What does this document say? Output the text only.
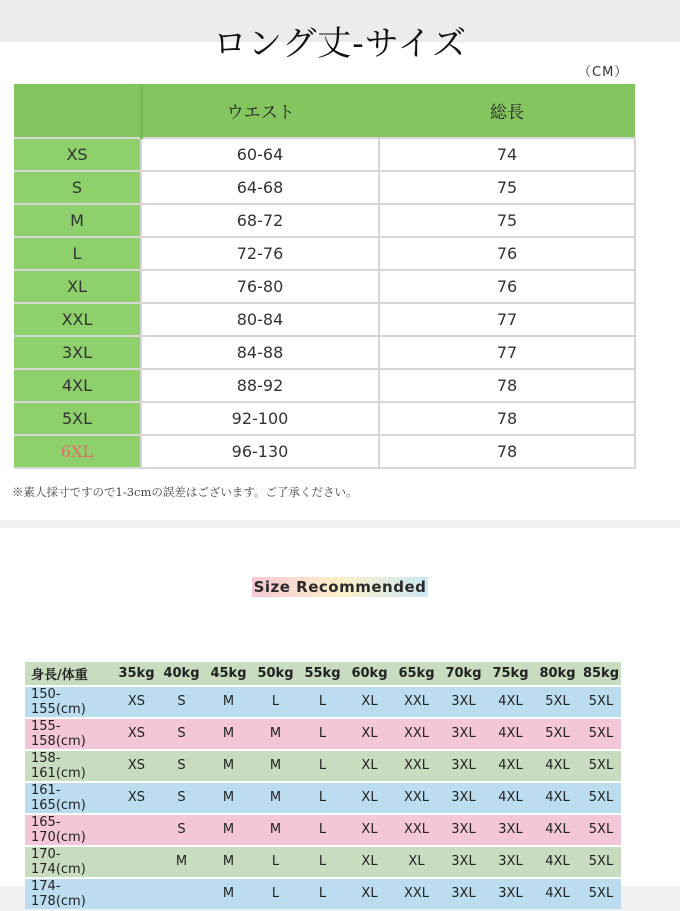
ロング丈-サイズ
（CM）
	ウエスト	総長
XS	60-64	74
S	64-68	75
M	68-72	75
L	72-76	76
XL	76-80	76
XXL	80-84	77
3XL	84-88	77
4XL	88-92	78
5XL	92-100	78
6XL	96-130	78
※素人採寸ですので1-3cmの誤差はございます。ご了承ください。
Size Recommended
身長/体重	35kg	40kg	45kg	50kg	55kg	60kg	65kg	70kg	75kg	80kg	85kg
150-155(cm)	XS	S	M	L	L	XL	XXL	3XL	4XL	5XL	5XL
155-158(cm)	XS	S	M	M	L	XL	XXL	3XL	4XL	5XL	5XL
158-161(cm)	XS	S	M	M	L	XL	XXL	3XL	4XL	4XL	5XL
161-165(cm)	XS	S	M	M	L	XL	XXL	3XL	4XL	4XL	5XL
165-170(cm)		S	M	M	L	XL	XXL	3XL	3XL	4XL	5XL
170-174(cm)		M	M	L	L	XL	XL	3XL	3XL	4XL	5XL
174-178(cm)			M	L	L	XL	XXL	3XL	3XL	4XL	5XL
